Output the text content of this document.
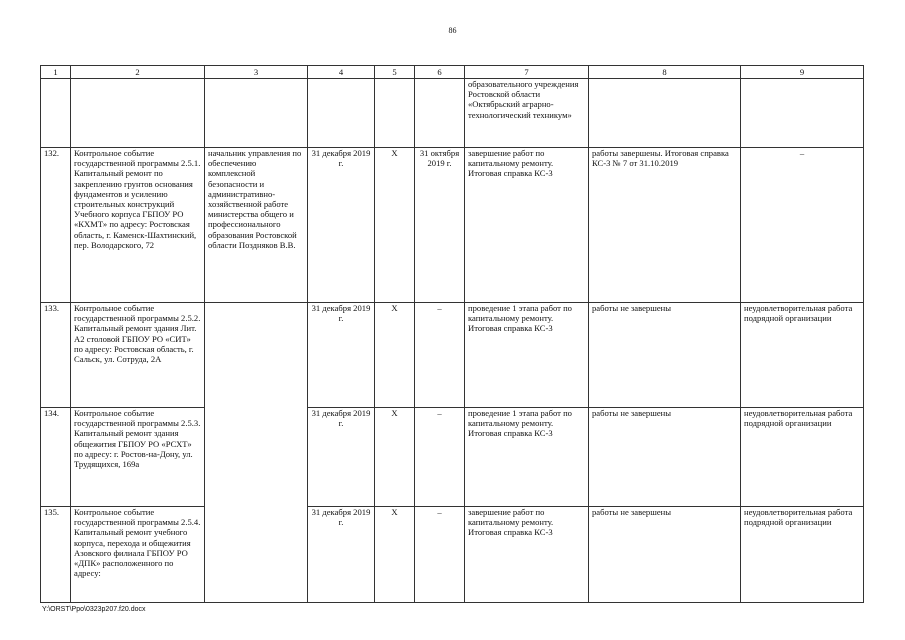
86
1	2	3	4	5	6	7	8	9
						образовательного учреждения Ростовской области «Октябрьский аграрно-технологический техникум»		
132.	Контрольное событие государственной программы 2.5.1. Капитальный ремонт по закреплению грунтов основания фундаментов и усилению строительных конструкций Учебного корпуса ГБПОУ РО «КХМТ» по адресу: Ростовская область, г. Каменск-Шахтинский, пер. Володарского, 72	начальник управления по обеспечению комплексной безопасности и административно-хозяйственной работе министерства общего и профессионального образования Ростовской области Поздняков В.В.	31 декабря 2019 г.	Х	31 октября 2019 г.	завершение работ по капитальному ремонту. Итоговая справка КС-3	работы завершены. Итоговая справка КС-3 № 7 от 31.10.2019	–
133.	Контрольное событие государственной программы 2.5.2. Капитальный ремонт здания Лит. А2 столовой ГБПОУ РО «СИТ» по адресу: Ростовская область, г. Сальск, ул. Сотруда, 2А		31 декабря 2019 г.	Х	–	проведение 1 этапа работ по капитальному ремонту. Итоговая справка КС-3	работы не завершены	неудовлетворительная работа подрядной организации
134.	Контрольное событие государственной программы 2.5.3. Капитальный ремонт здания общежития ГБПОУ РО «РСХТ» по адресу: г. Ростов-на-Дону, ул. Трудящихся, 169а		31 декабря 2019 г.	Х	–	проведение 1 этапа работ по капитальному ремонту. Итоговая справка КС-3	работы не завершены	неудовлетворительная работа подрядной организации
135.	Контрольное событие государственной программы 2.5.4. Капитальный ремонт учебного корпуса, перехода и общежития Азовского филиала ГБПОУ РО «ДПК» расположенного по адресу:		31 декабря 2019 г.	Х	–	завершение работ по капитальному ремонту. Итоговая справка КС-3	работы не завершены	неудовлетворительная работа подрядной организации
Y:\ORST\Ppo\0323p207.f20.docx
